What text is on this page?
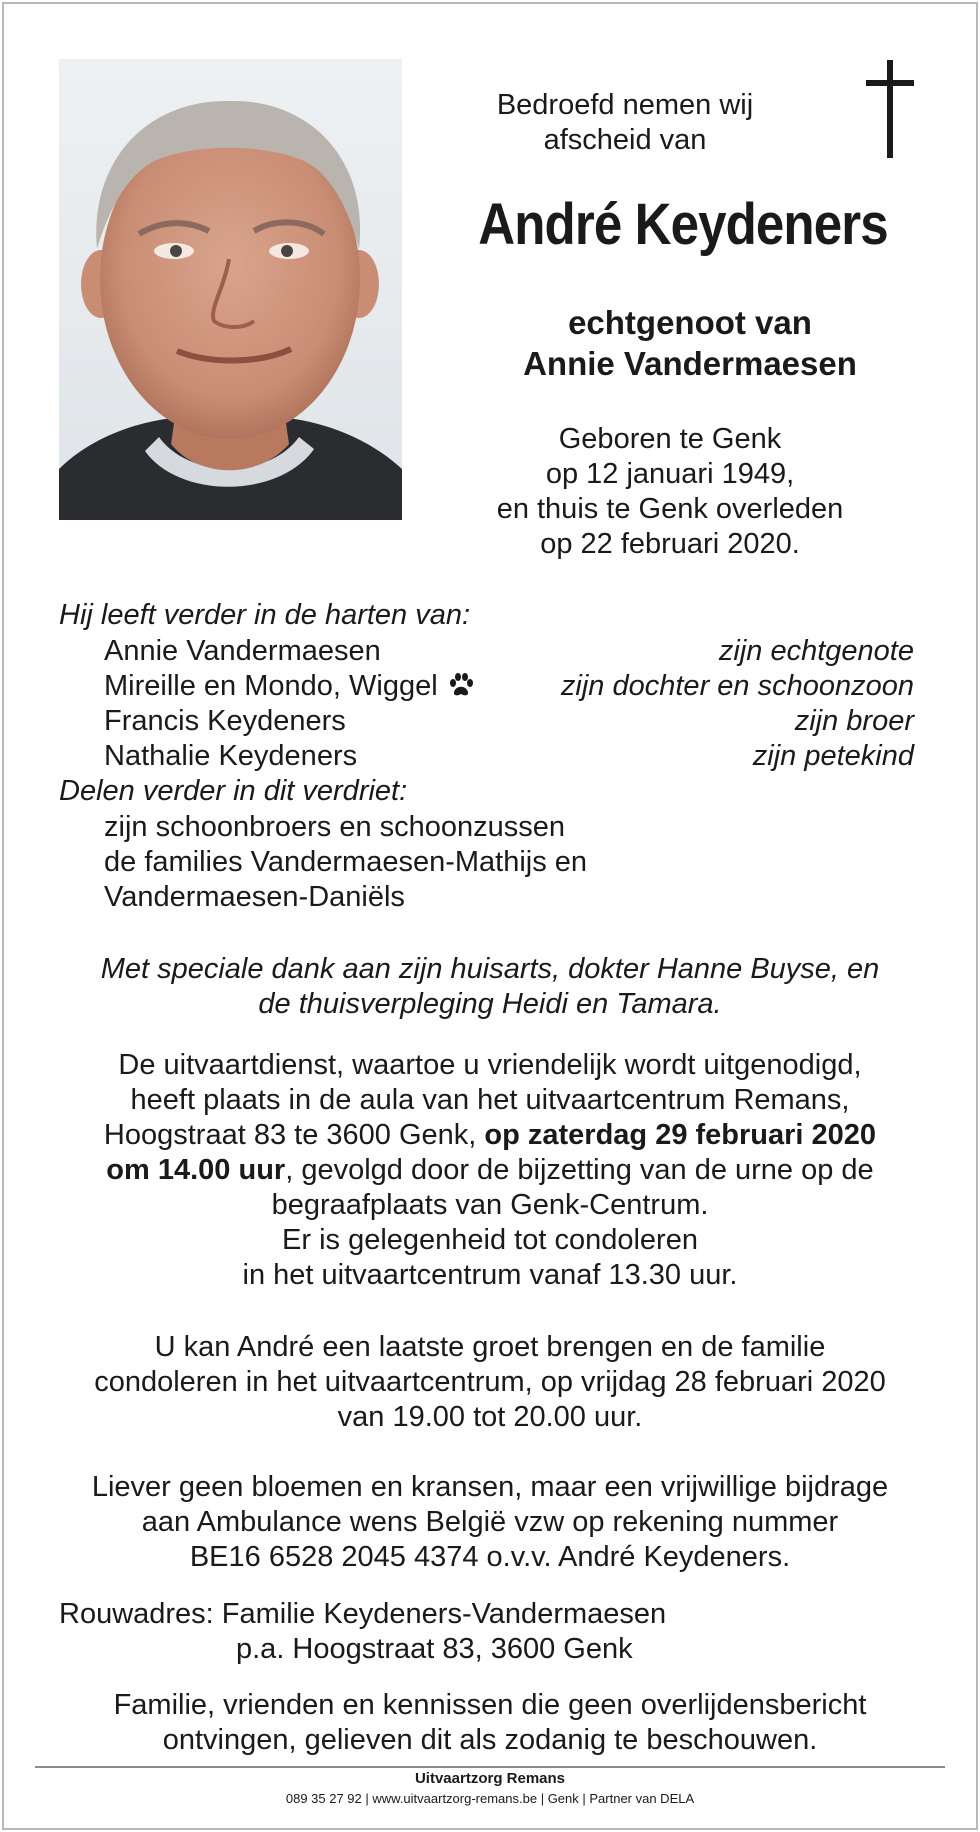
Bedroefd nemen wij
afscheid van
André Keydeners
echtgenoot van
Annie Vandermaesen
Geboren te Genk
op 12 januari 1949,
en thuis te Genk overleden
op 22 februari 2020.
Hij leeft verder in de harten van:
Annie Vandermaesen	zijn echtgenote
Mireille en Mondo, Wiggel	zijn dochter en schoonzoon
Francis Keydeners	zijn broer
Nathalie Keydeners	zijn petekind
Delen verder in dit verdriet:
zijn schoonbroers en schoonzussen
de families Vandermaesen-Mathijs en
Vandermaesen-Daniëls
Met speciale dank aan zijn huisarts, dokter Hanne Buyse, en
de thuisverpleging Heidi en Tamara.
De uitvaartdienst, waartoe u vriendelijk wordt uitgenodigd,
heeft plaats in de aula van het uitvaartcentrum Remans,
Hoogstraat 83 te 3600 Genk, op zaterdag 29 februari 2020
om 14.00 uur, gevolgd door de bijzetting van de urne op de
begraafplaats van Genk-Centrum.
Er is gelegenheid tot condoleren
in het uitvaartcentrum vanaf 13.30 uur.
U kan André een laatste groet brengen en de familie
condoleren in het uitvaartcentrum, op vrijdag 28 februari 2020
van 19.00 tot 20.00 uur.
Liever geen bloemen en kransen, maar een vrijwillige bijdrage
aan Ambulance wens België vzw op rekening nummer
BE16 6528 2045 4374 o.v.v. André Keydeners.
Rouwadres: Familie Keydeners-Vandermaesen
p.a. Hoogstraat 83, 3600 Genk
Familie, vrienden en kennissen die geen overlijdensbericht
ontvingen, gelieven dit als zodanig te beschouwen.
Uitvaartzorg Remans
089 35 27 92 | www.uitvaartzorg-remans.be | Genk | Partner van DELA
